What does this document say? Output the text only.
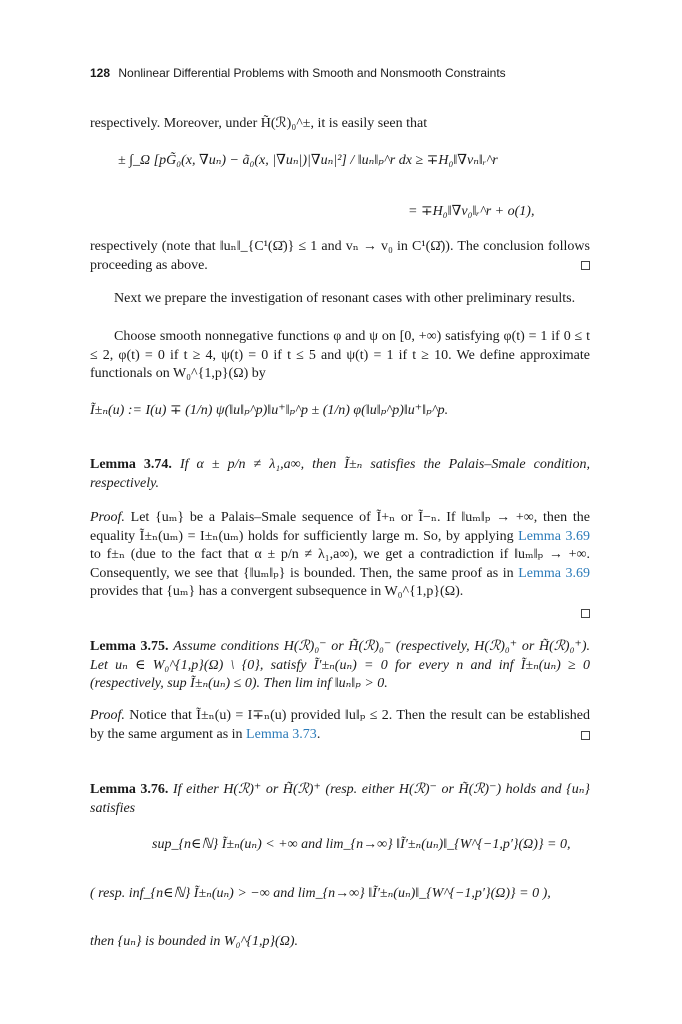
128 Nonlinear Differential Problems with Smooth and Nonsmooth Constraints
respectively. Moreover, under H̃(ℛ)₀^±, it is easily seen that
± ∫_Ω [pG̃₀(x, ∇uₙ) − ã₀(x, |∇uₙ|)|∇uₙ|²] / ‖uₙ‖ₚ^r dx ≥ ∓H₀‖∇vₙ‖ᵣ^r
= ∓H₀‖∇v₀‖ᵣ^r + o(1),
respectively (note that ‖uₙ‖_{C¹(Ω̄)} ≤ 1 and vₙ → v₀ in C¹(Ω̄)). The conclusion follows proceeding as above.
Next we prepare the investigation of resonant cases with other preliminary results.
Choose smooth nonnegative functions φ and ψ on [0, +∞) satisfying φ(t) = 1 if 0 ≤ t ≤ 2, φ(t) = 0 if t ≥ 4, ψ(t) = 0 if t ≤ 5 and ψ(t) = 1 if t ≥ 10. We define approximate functionals on W₀^{1,p}(Ω) by
Ĩ±ₙ(u) := I(u) ∓ (1/n) ψ(‖u‖ₚ^p)‖u⁺‖ₚ^p ± (1/n) φ(‖u‖ₚ^p)‖u⁺‖ₚ^p.
Lemma 3.74. If α ± p/n ≠ λ₁,a∞, then Ĩ±ₙ satisfies the Palais–Smale condition, respectively.
Proof. Let {uₘ} be a Palais–Smale sequence of Ĩ+ₙ or Ĩ−ₙ. If ‖uₘ‖ₚ → +∞, then the equality Ĩ±ₙ(uₘ) = I±ₙ(uₘ) holds for sufficiently large m. So, by applying Lemma 3.69 to f±ₙ (due to the fact that α ± p/n ≠ λ₁,a∞), we get a contradiction if ‖uₘ‖ₚ → +∞. Consequently, we see that {‖uₘ‖ₚ} is bounded. Then, the same proof as in Lemma 3.69 provides that {uₘ} has a convergent subsequence in W₀^{1,p}(Ω).
Lemma 3.75. Assume conditions H(ℛ)₀⁻ or H̃(ℛ)₀⁻ (respectively, H(ℛ)₀⁺ or H̃(ℛ)₀⁺). Let uₙ ∈ W₀^{1,p}(Ω) \ {0}, satisfy Ĩ′±ₙ(uₙ) = 0 for every n and inf Ĩ±ₙ(uₙ) ≥ 0 (respectively, sup Ĩ±ₙ(uₙ) ≤ 0). Then lim inf ‖uₙ‖ₚ > 0.
Proof. Notice that Ĩ±ₙ(u) = I∓ₙ(u) provided ‖u‖ₚ ≤ 2. Then the result can be established by the same argument as in Lemma 3.73.
Lemma 3.76. If either H(ℛ)⁺ or H̃(ℛ)⁺ (resp. either H(ℛ)⁻ or H̃(ℛ)⁻) holds and {uₙ} satisfies
sup_{n∈ℕ} Ĩ±ₙ(uₙ) < +∞ and lim_{n→∞} ‖Ĩ′±ₙ(uₙ)‖_{W^{−1,p′}(Ω)} = 0,
( resp. inf_{n∈ℕ} Ĩ±ₙ(uₙ) > −∞ and lim_{n→∞} ‖Ĩ′±ₙ(uₙ)‖_{W^{−1,p′}(Ω)} = 0 ),
then {uₙ} is bounded in W₀^{1,p}(Ω).
